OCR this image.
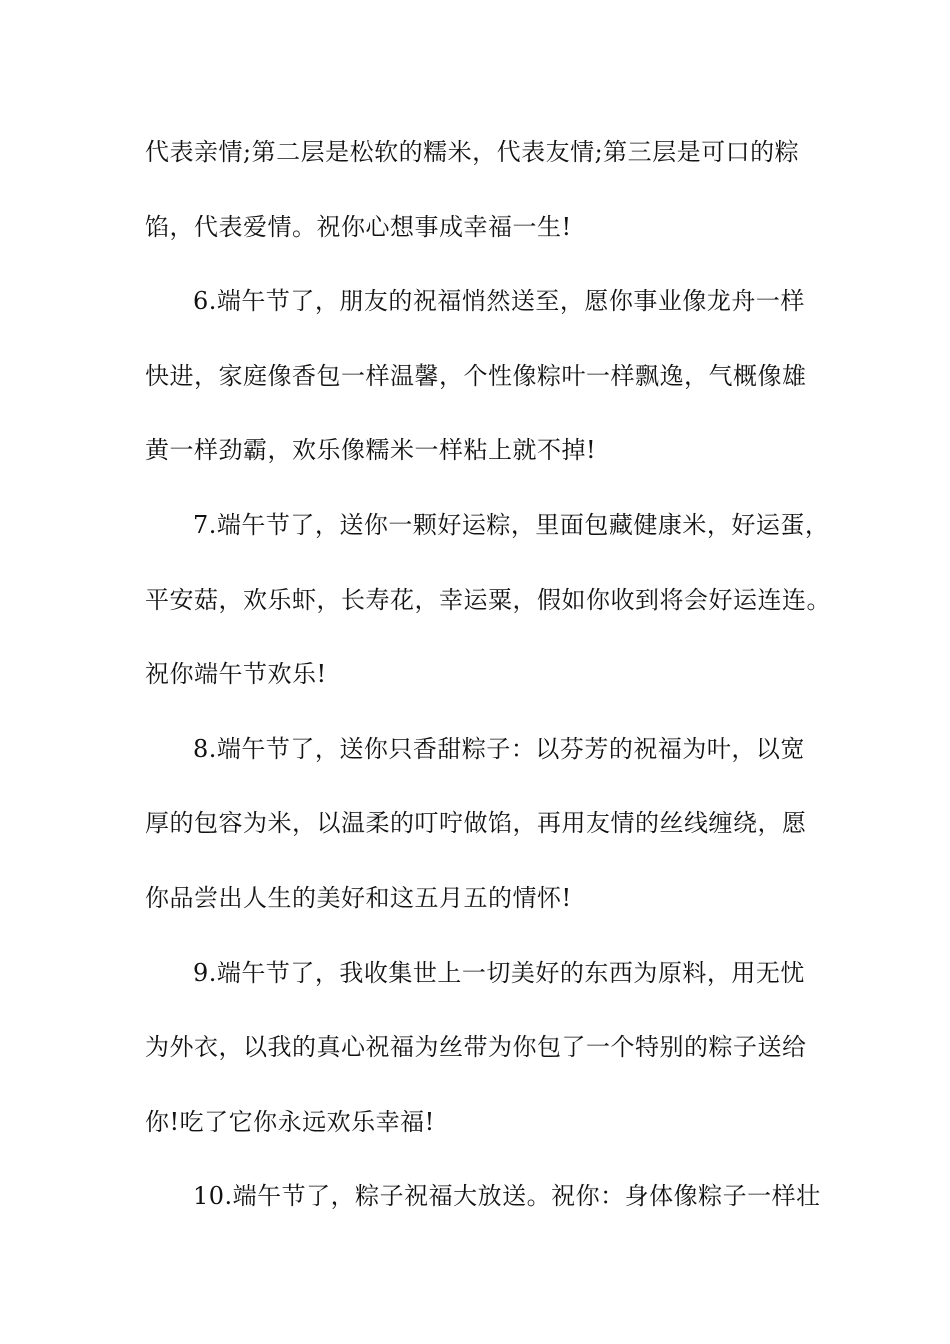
代表亲情;第二层是松软的糯米，代表友情;第三层是可口的粽
馅，代表爱情。祝你心想事成幸福一生!
6.端午节了，朋友的祝福悄然送至，愿你事业像龙舟一样
快进，家庭像香包一样温馨，个性像粽叶一样飘逸，气概像雄
黄一样劲霸，欢乐像糯米一样粘上就不掉!
7.端午节了，送你一颗好运粽，里面包藏健康米，好运蛋，
平安菇，欢乐虾，长寿花，幸运粟，假如你收到将会好运连连。
祝你端午节欢乐!
8.端午节了，送你只香甜粽子：以芬芳的祝福为叶，以宽
厚的包容为米，以温柔的叮咛做馅，再用友情的丝线缠绕，愿
你品尝出人生的美好和这五月五的情怀!
9.端午节了，我收集世上一切美好的东西为原料，用无忧
为外衣，以我的真心祝福为丝带为你包了一个特别的粽子送给
你!吃了它你永远欢乐幸福!
10.端午节了，粽子祝福大放送。祝你：身体像粽子一样壮
